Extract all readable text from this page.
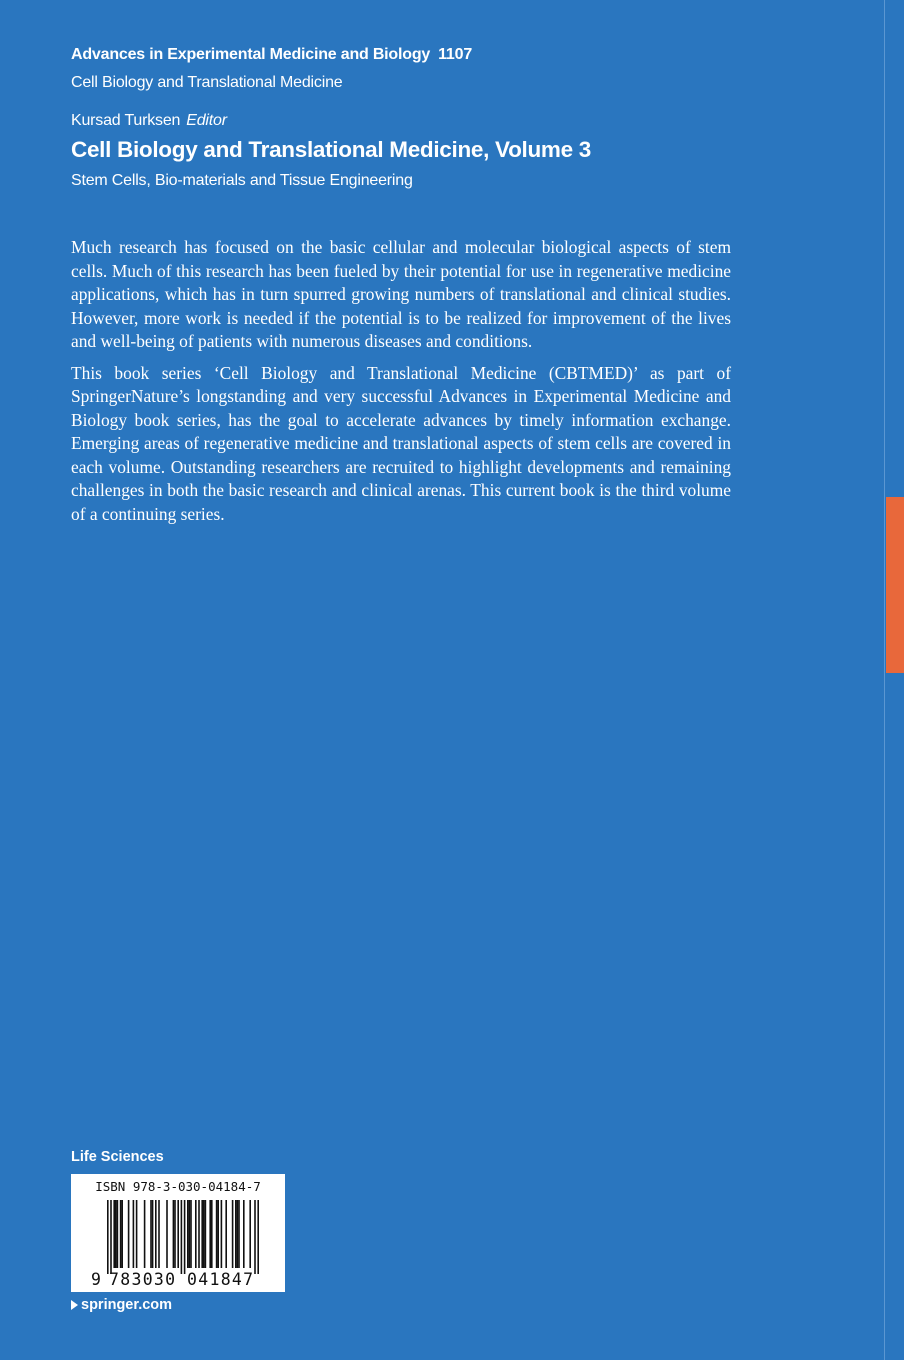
Advances in Experimental Medicine and Biology 1107
Cell Biology and Translational Medicine
Kursad Turksen Editor
Cell Biology and Translational Medicine, Volume 3
Stem Cells, Bio-materials and Tissue Engineering

Much research has focused on the basic cellular and molecular biological aspects of stem cells. Much of this research has been fueled by their potential for use in regenerative medicine applications, which has in turn spurred growing numbers of translational and clinical studies. However, more work is needed if the potential is to be realized for improvement of the lives and well-being of patients with numerous diseases and conditions.

This book series ‘Cell Biology and Translational Medicine (CBTMED)’ as part of SpringerNature’s longstanding and very successful Advances in Experimental Medicine and Biology book series, has the goal to accelerate advances by timely information exchange. Emerging areas of regenerative medicine and translational aspects of stem cells are covered in each volume. Outstanding researchers are recruited to highlight developments and remaining challenges in both the basic research and clinical arenas. This current book is the third volume of a continuing series.

Life Sciences
ISBN 978-3-030-04184-7
9 783030 041847
springer.com
